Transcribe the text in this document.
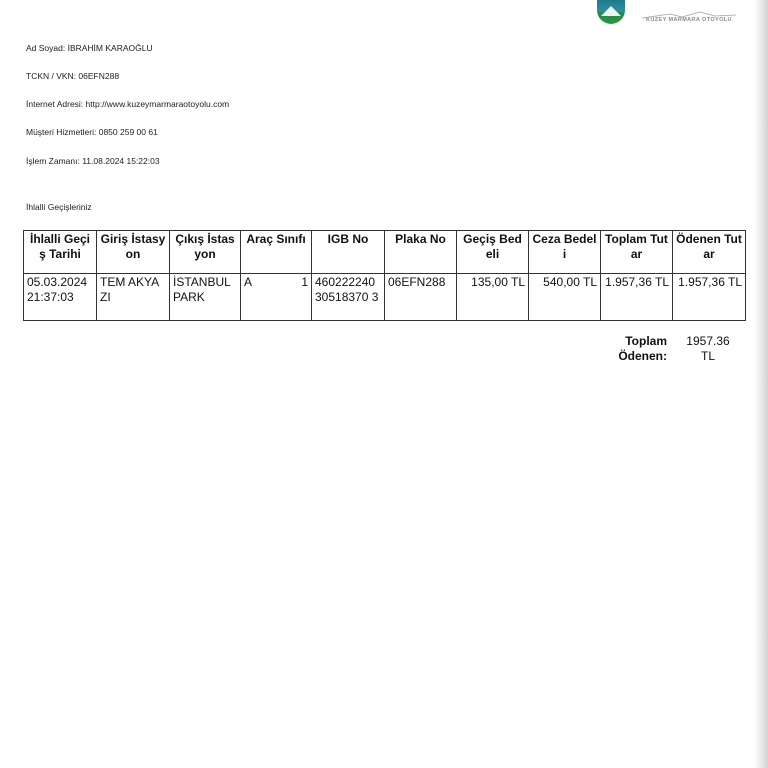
KUZEY MARMARA OTOYOLU
Ad Soyad: İBRAHİM KARAOĞLU
TCKN / VKN: 06EFN288
İnternet Adresi: http://www.kuzeymarmaraotoyolu.com
Müşteri Hizmetleri: 0850 259 00 61
İşlem Zamanı: 11.08.2024 15:22:03
İhlalli Geçişleriniz
İhlalli Geçiş Tarihi	Giriş İstasyon	Çıkış İstasyon	Araç Sınıfı	IGB No	Plaka No	Geçiş Bedeli	Ceza Bedeli	Toplam Tutar	Ödenen Tutar
05.03.2024 21:37:03	TEM AKYAZI	İSTANBULPARK	A 1	46022224030518370 3	06EFN288	135,00 TL	540,00 TL	1.957,36 TL	1.957,36 TL
Toplam Ödenen:
1957.36 TL
